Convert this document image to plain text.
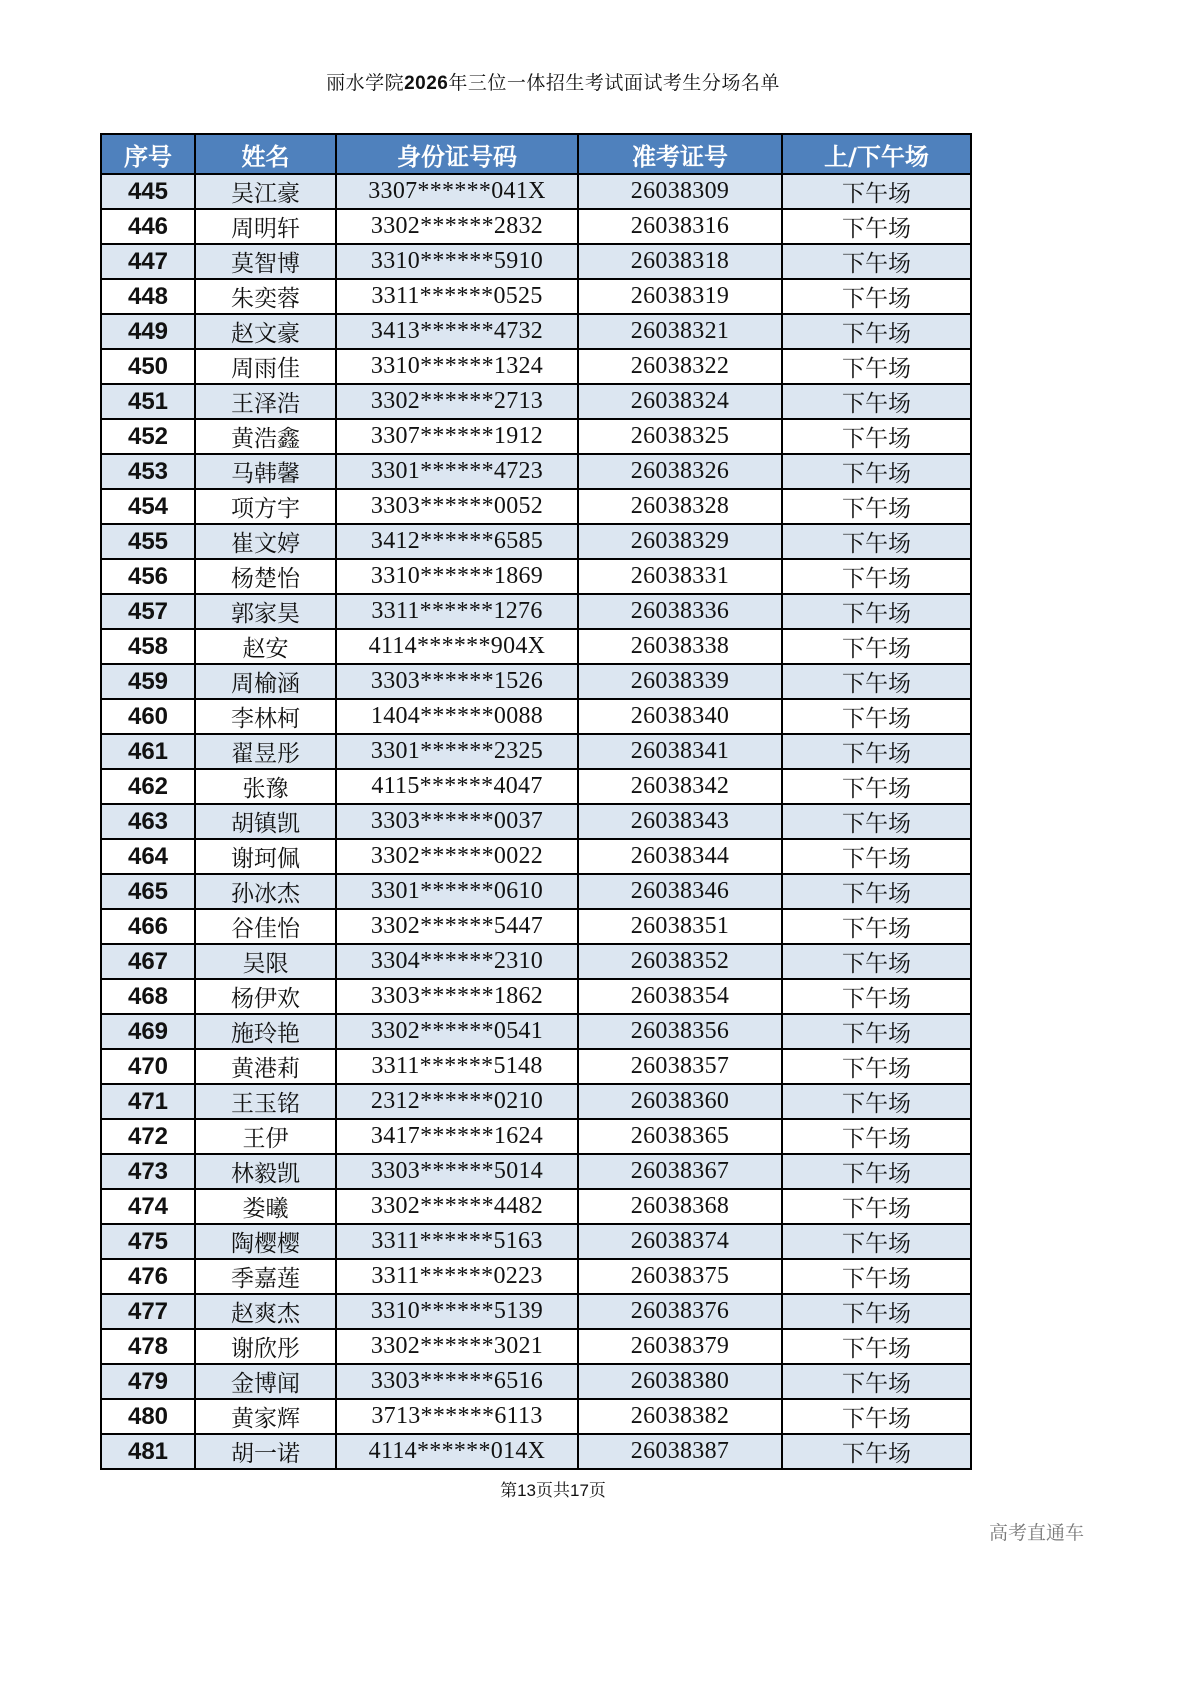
丽水学院2026年三位一体招生考试面试考生分场名单
序号	姓名	身份证号码	准考证号	上/下午场
445	吴江豪	3307******041X	26038309	下午场
446	周明轩	3302******2832	26038316	下午场
447	莫智博	3310******5910	26038318	下午场
448	朱奕蓉	3311******0525	26038319	下午场
449	赵文豪	3413******4732	26038321	下午场
450	周雨佳	3310******1324	26038322	下午场
451	王泽浩	3302******2713	26038324	下午场
452	黄浩鑫	3307******1912	26038325	下午场
453	马韩馨	3301******4723	26038326	下午场
454	项方宇	3303******0052	26038328	下午场
455	崔文婷	3412******6585	26038329	下午场
456	杨楚怡	3310******1869	26038331	下午场
457	郭家昊	3311******1276	26038336	下午场
458	赵安	4114******904X	26038338	下午场
459	周榆涵	3303******1526	26038339	下午场
460	李林柯	1404******0088	26038340	下午场
461	翟昱彤	3301******2325	26038341	下午场
462	张豫	4115******4047	26038342	下午场
463	胡镇凯	3303******0037	26038343	下午场
464	谢珂佩	3302******0022	26038344	下午场
465	孙冰杰	3301******0610	26038346	下午场
466	谷佳怡	3302******5447	26038351	下午场
467	吴限	3304******2310	26038352	下午场
468	杨伊欢	3303******1862	26038354	下午场
469	施玲艳	3302******0541	26038356	下午场
470	黄港莉	3311******5148	26038357	下午场
471	王玉铭	2312******0210	26038360	下午场
472	王伊	3417******1624	26038365	下午场
473	林毅凯	3303******5014	26038367	下午场
474	娄曦	3302******4482	26038368	下午场
475	陶樱樱	3311******5163	26038374	下午场
476	季嘉莲	3311******0223	26038375	下午场
477	赵爽杰	3310******5139	26038376	下午场
478	谢欣彤	3302******3021	26038379	下午场
479	金博闻	3303******6516	26038380	下午场
480	黄家辉	3713******6113	26038382	下午场
481	胡一诺	4114******014X	26038387	下午场
第13页共17页
高考直通车
